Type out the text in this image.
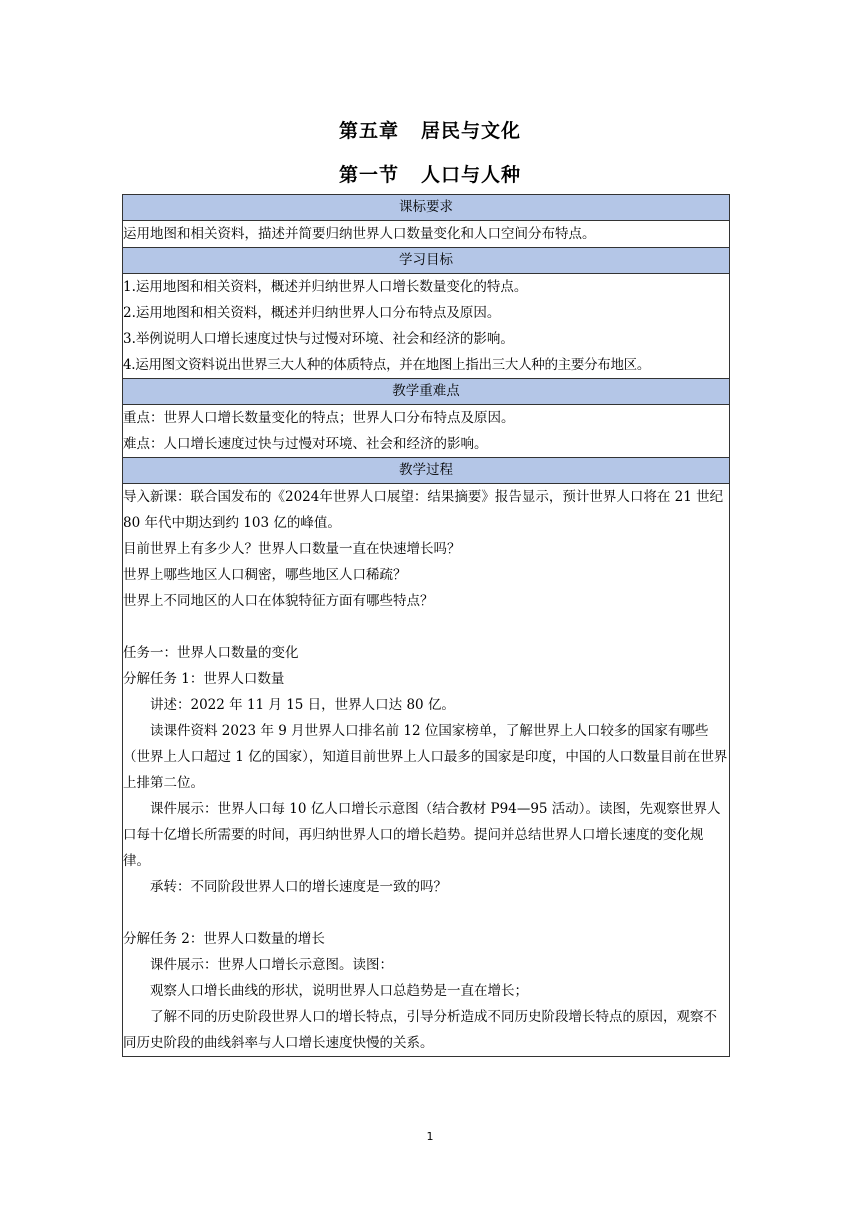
第五章 居民与文化
第一节 人口与人种
课标要求

运用地图和相关资料，描述并简要归纳世界人口数量变化和人口空间分布特点。

学习目标

1.运用地图和相关资料，概述并归纳世界人口增长数量变化的特点。
2.运用地图和相关资料，概述并归纳世界人口分布特点及原因。
3.举例说明人口增长速度过快与过慢对环境、社会和经济的影响。
4.运用图文资料说出世界三大人种的体质特点，并在地图上指出三大人种的主要分布地区。

教学重难点

重点：世界人口增长数量变化的特点；世界人口分布特点及原因。
难点：人口增长速度过快与过慢对环境、社会和经济的影响。

教学过程

导入新课：联合国发布的《2024年世界人口展望：结果摘要》报告显示，预计世界人口将在 21 世纪 80 年代中期达到约 103 亿的峰值。
目前世界上有多少人？世界人口数量一直在快速增长吗？
世界上哪些地区人口稠密，哪些地区人口稀疏？
世界上不同地区的人口在体貌特征方面有哪些特点？
任务一：世界人口数量的变化
分解任务 1：世界人口数量
讲述：2022 年 11 月 15 日，世界人口达 80 亿。
读课件资料 2023 年 9 月世界人口排名前 12 位国家榜单，了解世界上人口较多的国家有哪些（世界上人口超过 1 亿的国家），知道目前世界上人口最多的国家是印度，中国的人口数量目前在世界上排第二位。
课件展示：世界人口每 10 亿人口增长示意图（结合教材 P94—95 活动）。读图，先观察世界人口每十亿增长所需要的时间，再归纳世界人口的增长趋势。提问并总结世界人口增长速度的变化规律。
承转：不同阶段世界人口的增长速度是一致的吗？
分解任务 2：世界人口数量的增长
课件展示：世界人口增长示意图。读图：
观察人口增长曲线的形状，说明世界人口总趋势是一直在增长；
了解不同的历史阶段世界人口的增长特点，引导分析造成不同历史阶段增长特点的原因，观察不同历史阶段的曲线斜率与人口增长速度快慢的关系。
1
